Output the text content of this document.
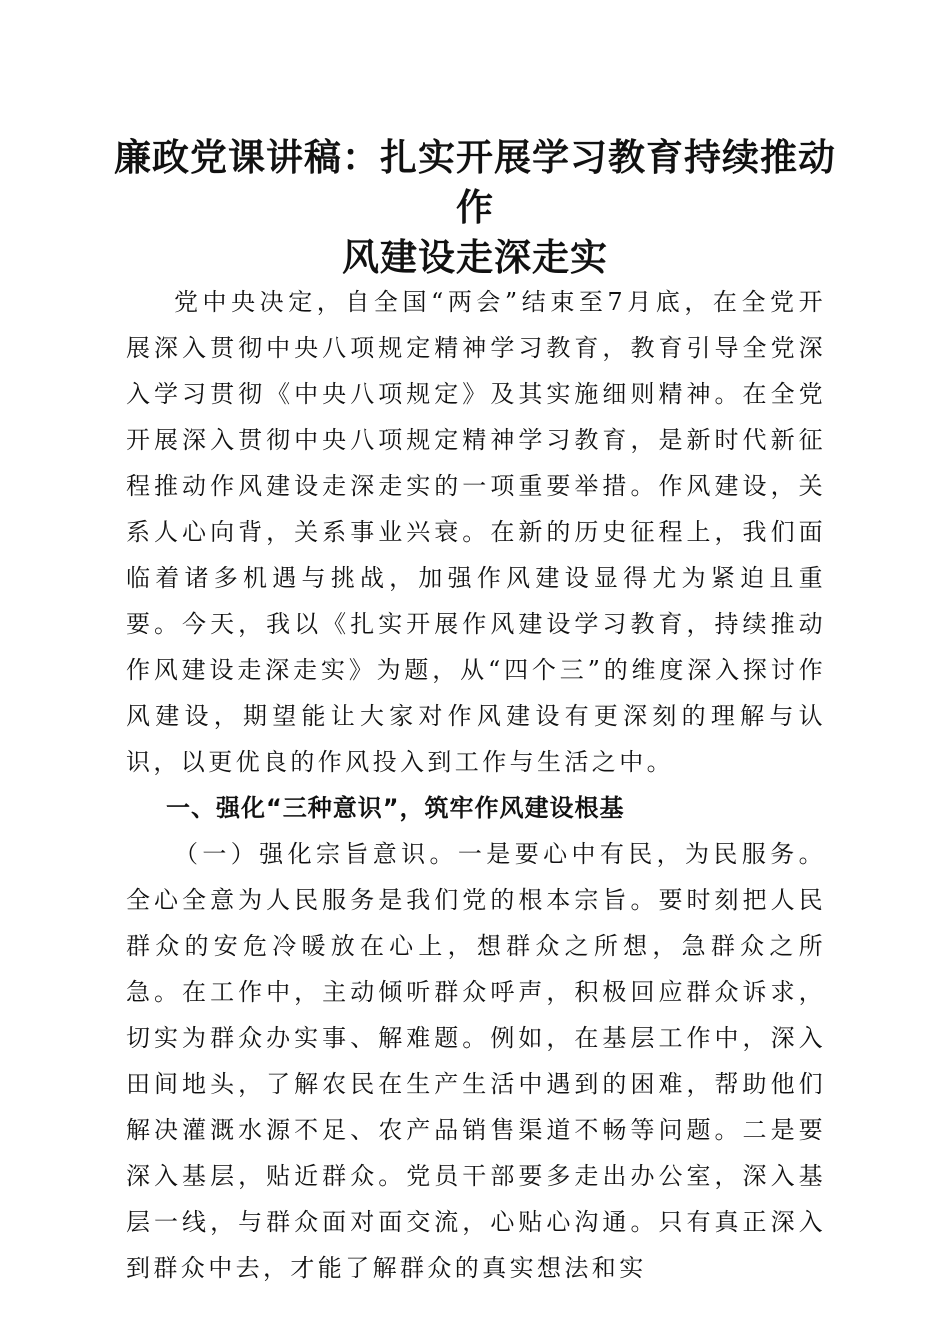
廉政党课讲稿：扎实开展学习教育持续推动作
风建设走深走实

党中央决定，自全国“两会”结束至7月底，在全党开展深入贯彻中央八项规定精神学习教育，教育引导全党深入学习贯彻《中央八项规定》及其实施细则精神。在全党开展深入贯彻中央八项规定精神学习教育，是新时代新征程推动作风建设走深走实的一项重要举措。作风建设，关系人心向背，关系事业兴衰。在新的历史征程上，我们面临着诸多机遇与挑战，加强作风建设显得尤为紧迫且重要。今天，我以《扎实开展作风建设学习教育，持续推动作风建设走深走实》为题，从“四个三”的维度深入探讨作风建设，期望能让大家对作风建设有更深刻的理解与认识，以更优良的作风投入到工作与生活之中。

一、强化“三种意识”，筑牢作风建设根基

（一）强化宗旨意识。一是要心中有民，为民服务。全心全意为人民服务是我们党的根本宗旨。要时刻把人民群众的安危冷暖放在心上，想群众之所想，急群众之所急。在工作中，主动倾听群众呼声，积极回应群众诉求，切实为群众办实事、解难题。例如，在基层工作中，深入田间地头，了解农民在生产生活中遇到的困难，帮助他们解决灌溉水源不足、农产品销售渠道不畅等问题。二是要深入基层，贴近群众。党员干部要多走出办公室，深入基层一线，与群众面对面交流，心贴心沟通。只有真正深入到群众中去，才能了解群众的真实想法和实
